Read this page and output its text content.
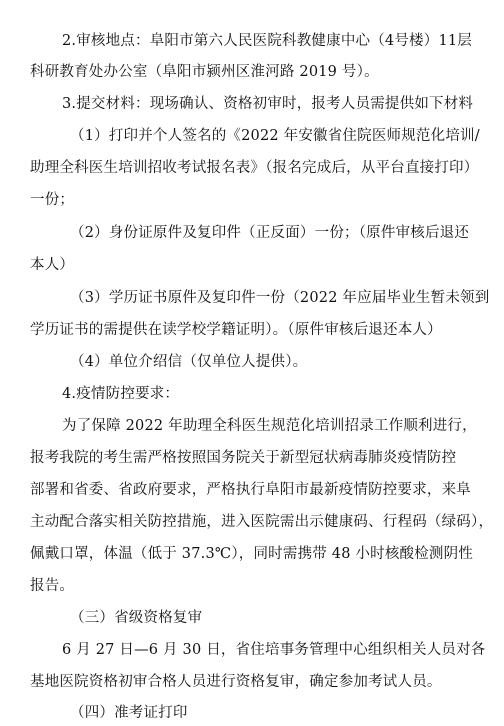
2.审核地点：阜阳市第六人民医院科教健康中心（4号楼）11层
科研教育处办公室（阜阳市颍州区淮河路 2019 号）。
3.提交材料：现场确认、资格初审时，报考人员需提供如下材料
（1）打印并个人签名的《2022 年安徽省住院医师规范化培训/
助理全科医生培训招收考试报名表》（报名完成后，从平台直接打印）
一份；
（2）身份证原件及复印件（正反面）一份；（原件审核后退还
本人）
（3）学历证书原件及复印件一份（2022 年应届毕业生暂未领到
学历证书的需提供在读学校学籍证明）。（原件审核后退还本人）
（4）单位介绍信（仅单位人提供）。
4.疫情防控要求：
为了保障 2022 年助理全科医生规范化培训招录工作顺利进行，
报考我院的考生需严格按照国务院关于新型冠状病毒肺炎疫情防控
部署和省委、省政府要求，严格执行阜阳市最新疫情防控要求，来阜
主动配合落实相关防控措施，进入医院需出示健康码、行程码（绿码），
佩戴口罩，体温（低于 37.3℃），同时需携带 48 小时核酸检测阴性
报告。
（三）省级资格复审
6 月 27 日—6 月 30 日，省住培事务管理中心组织相关人员对各
基地医院资格初审合格人员进行资格复审，确定参加考试人员。
（四）准考证打印
